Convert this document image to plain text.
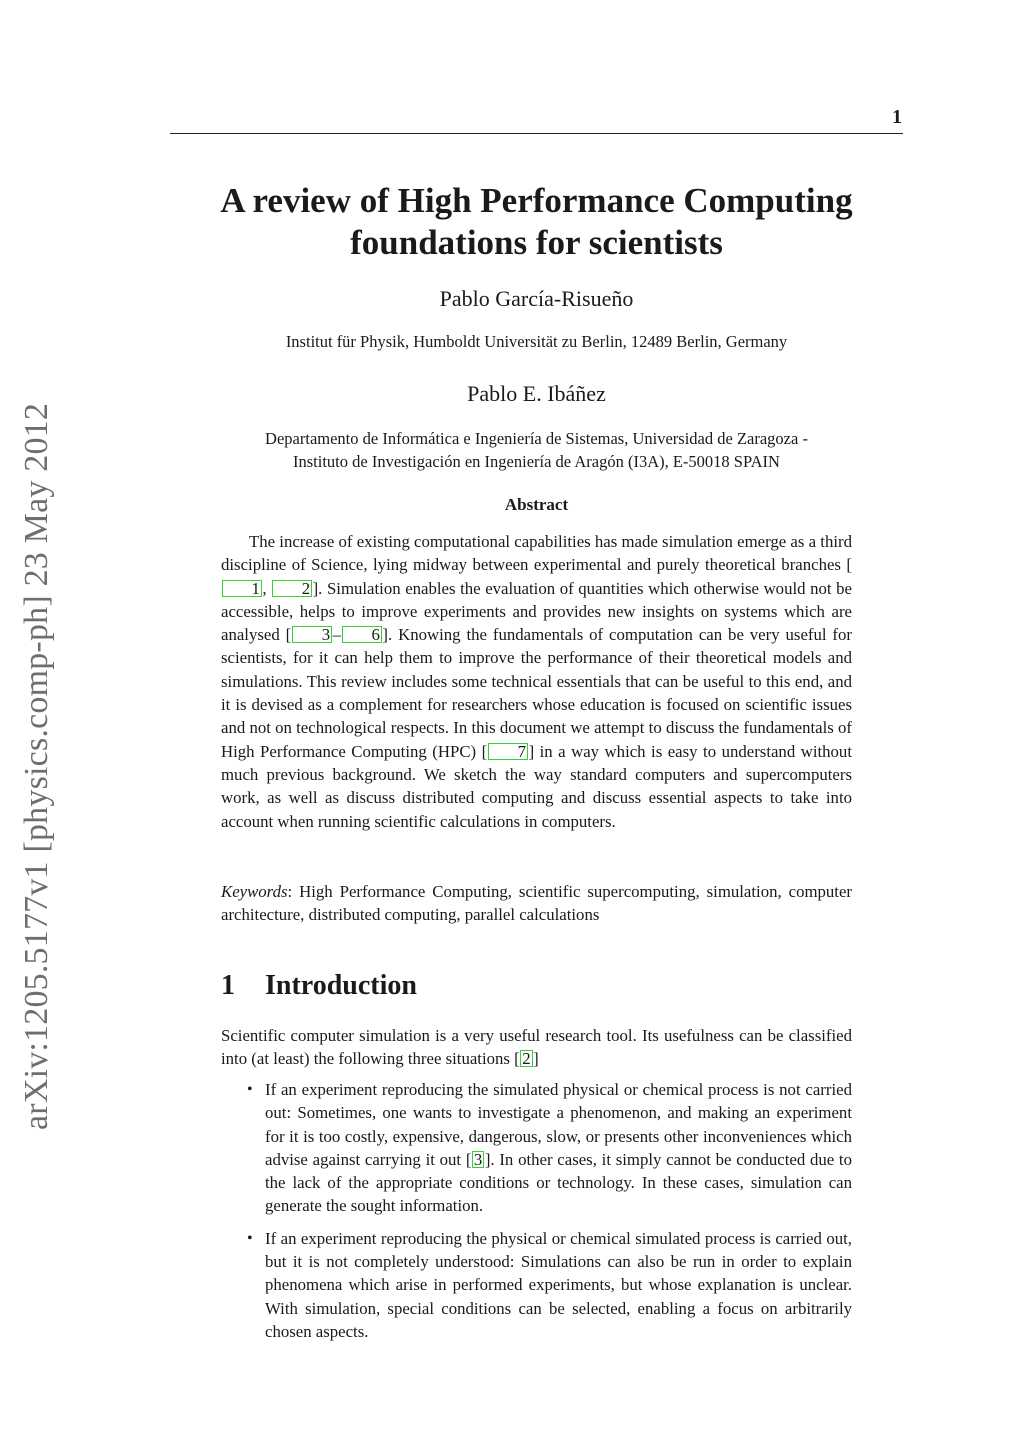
1
arXiv:1205.5177v1 [physics.comp-ph] 23 May 2012
A review of High Performance Computing
foundations for scientists
Pablo García-Risueño
Institut für Physik, Humboldt Universität zu Berlin, 12489 Berlin, Germany
Pablo E. Ibáñez
Departamento de Informática e Ingeniería de Sistemas, Universidad de Zaragoza -
Instituto de Investigación en Ingeniería de Aragón (I3A), E-50018 SPAIN
Abstract

The increase of existing computational capabilities has made simulation emerge as a third discipline of Science, lying midway between experimental and purely theoretical branches [1 , 2 ]. Simulation enables the evaluation of quantities which otherwise would not be accessible, helps to improve experiments and provides new insights on systems which are analysed [ 3 – 6 ]. Knowing the fundamentals of computation can be very useful for scientists, for it can help them to improve the performance of their theoretical models and simulations. This review includes some technical essentials that can be useful to this end, and it is devised as a complement for researchers whose education is focused on scientific issues and not on technological respects. In this document we attempt to discuss the fundamentals of High Performance Computing (HPC) [ 7 ] in a way which is easy to understand without much previous background. We sketch the way standard computers and supercomputers work, as well as discuss distributed computing and discuss essential aspects to take into account when running scientific calculations in computers.

Keywords: High Performance Computing, scientific supercomputing, simulation, computer architecture, distributed computing, parallel calculations

1 Introduction

Scientific computer simulation is a very useful research tool. Its usefulness can be classified into (at least) the following three situations [ 2 ]

• If an experiment reproducing the simulated physical or chemical process is not carried out: Sometimes, one wants to investigate a phenomenon, and making an experiment for it is too costly, expensive, dangerous, slow, or presents other inconveniences which advise against carrying it out [ 3 ]. In other cases, it simply cannot be conducted due to the lack of the appropriate conditions or technology. In these cases, simulation can generate the sought information.
• If an experiment reproducing the physical or chemical simulated process is carried out, but it is not completely understood: Simulations can also be run in order to explain phenomena which arise in performed experiments, but whose explanation is unclear. With simulation, special conditions can be selected, enabling a focus on arbitrarily chosen aspects.
